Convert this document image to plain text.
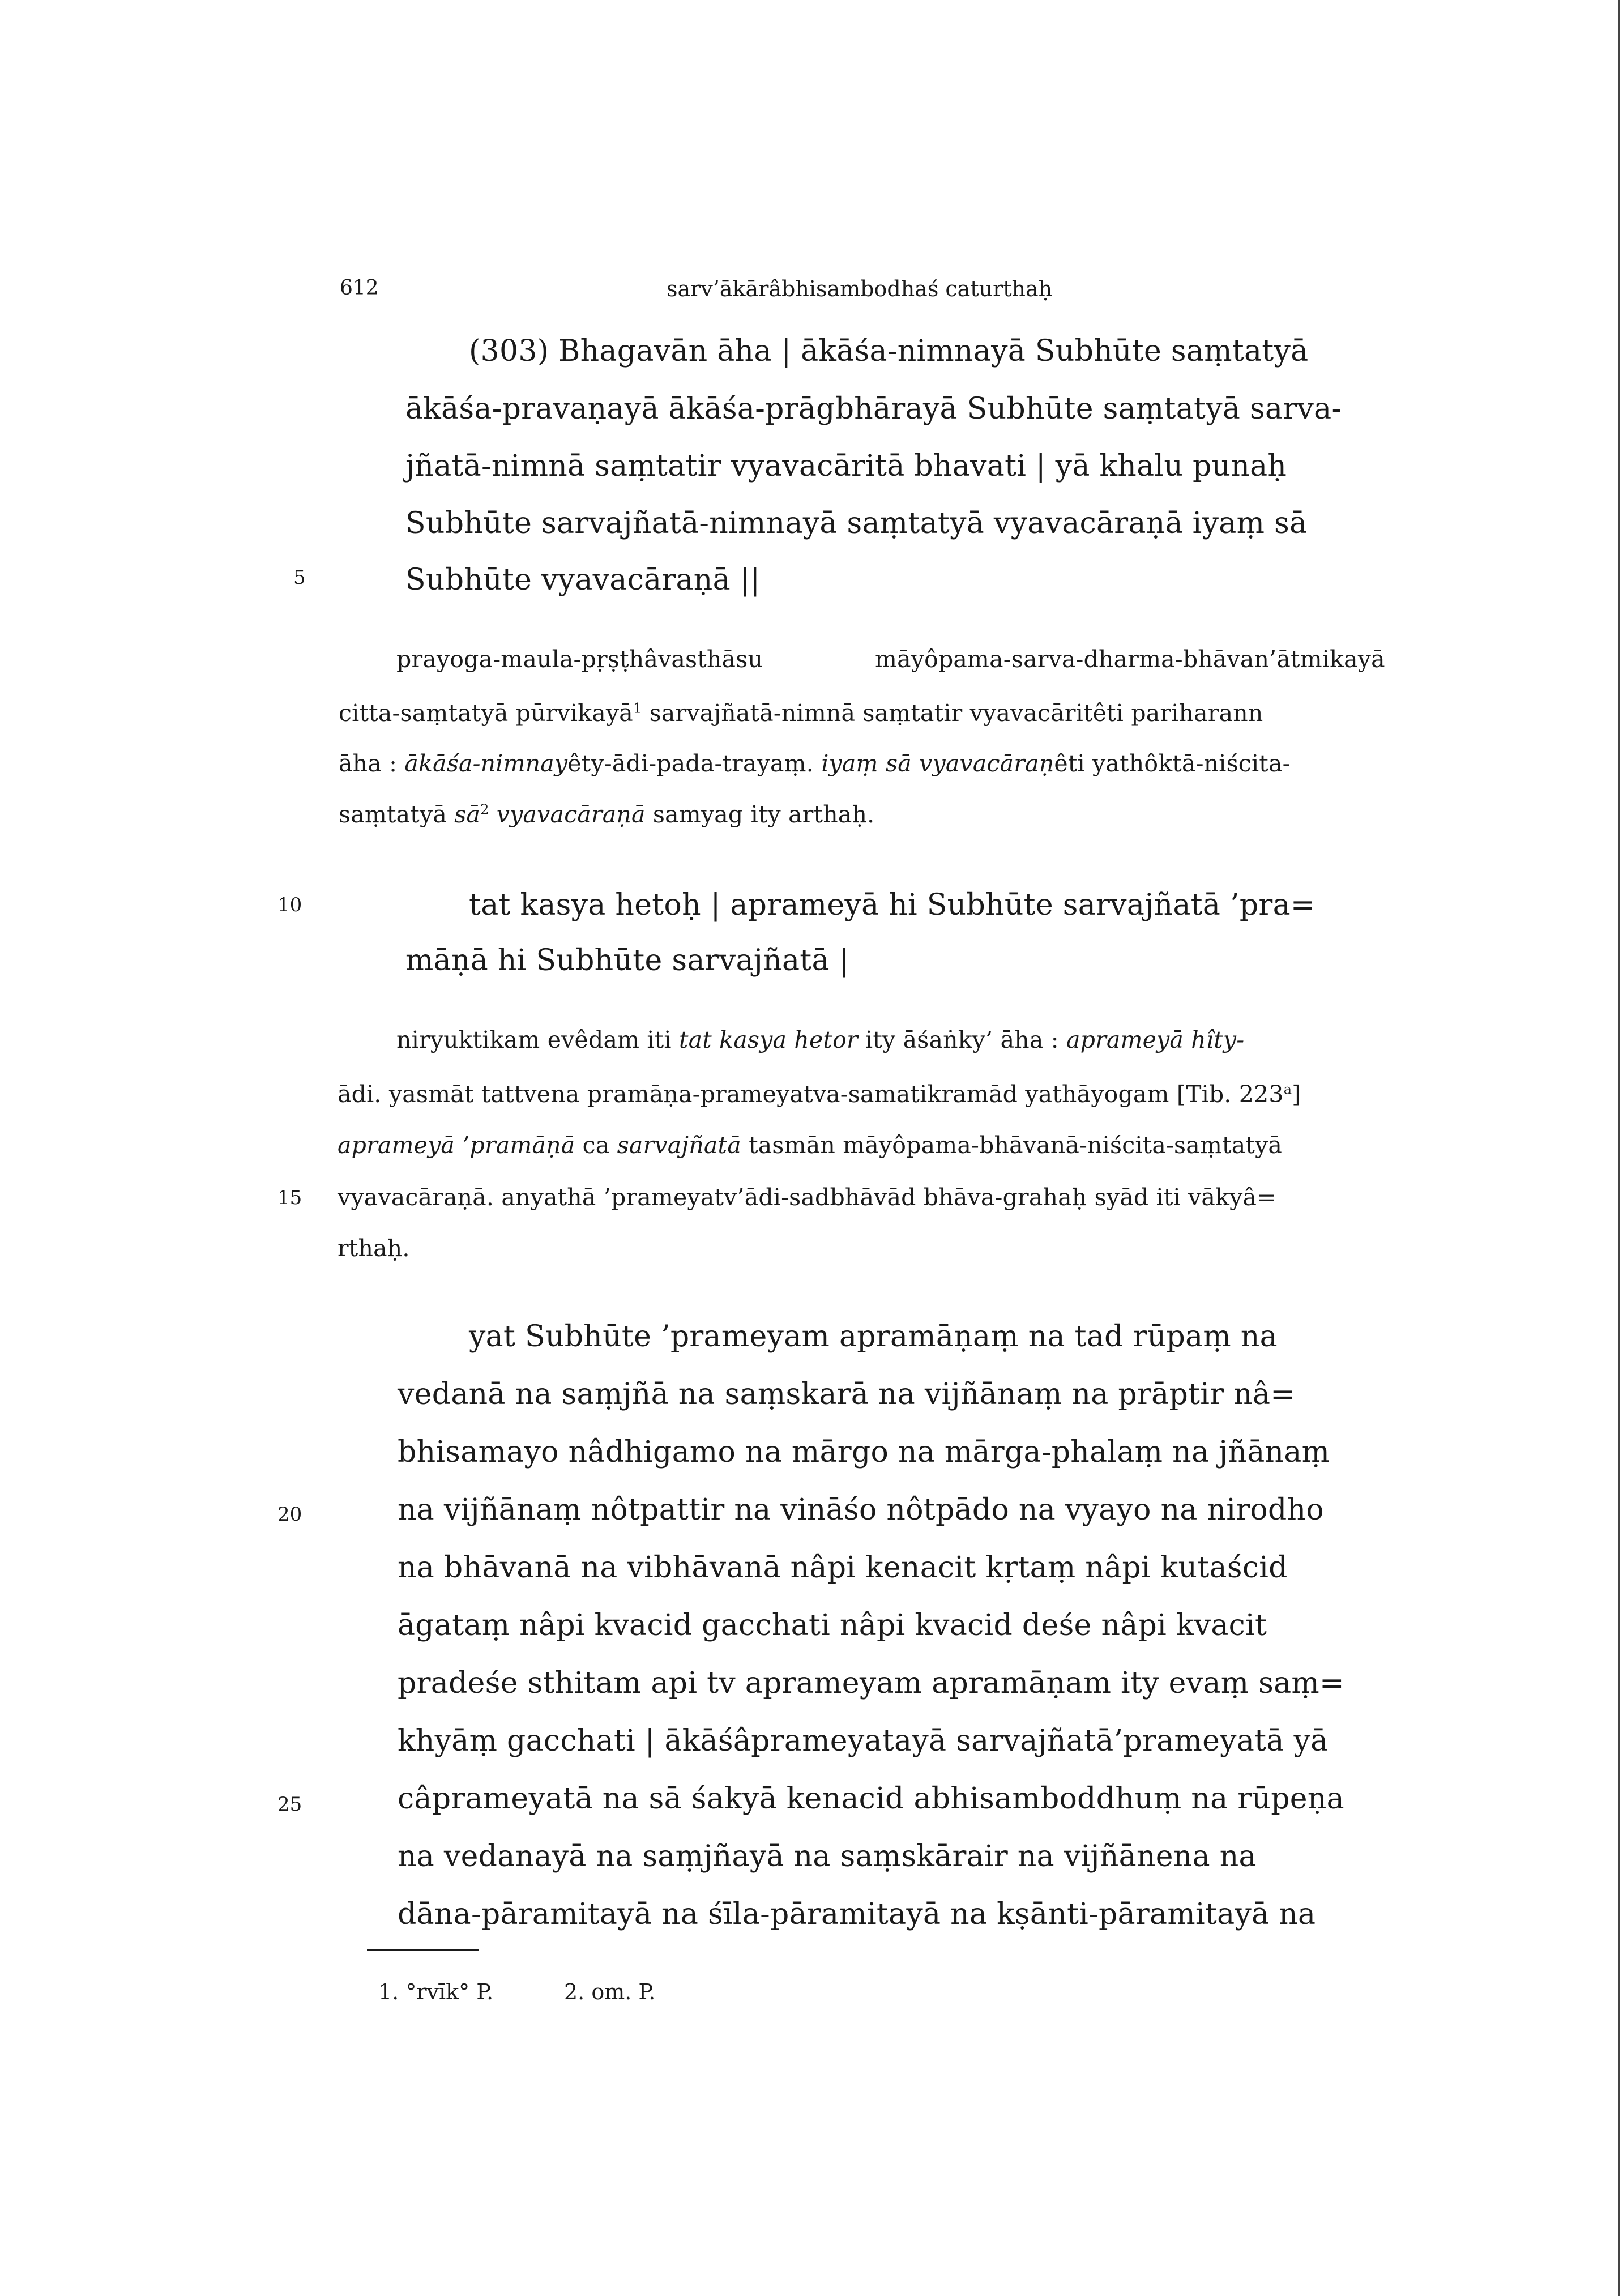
612	sarv’ākārâbhisambodhaś caturthaḥ
5
10
15
20
25
(303) Bhagavān āha | ākāśa-nimnayā Subhūte saṃtatyā
ākāśa-pravaṇayā ākāśa-prāgbhārayā Subhūte saṃtatyā sarva-
jñatā-nimnā saṃtatir vyavacāritā bhavati | yā khalu punaḥ
Subhūte sarvajñatā-nimnayā saṃtatyā vyavacāraṇā iyaṃ sā
Subhūte vyavacāraṇā ||
prayoga-maula-pṛṣṭhâvasthāsu	māyôpama-sarva-dharma-bhāvan’ātmikayā
citta-saṃtatyā pūrvikayā$^1$ sarvajñatā-nimnā saṃtatir vyavacāritêti pariharann
āha : ākāśa-nimnayêty-ādi-pada-trayaṃ. iyaṃ sā vyavacāraṇêti yathôktā-niścita-
saṃtatyā $sā^2$ vyavacāraṇā samyag ity arthaḥ.
tat kasya hetoḥ | aprameyā hi Subhūte sarvajñatā ’pra=
māṇā hi Subhūte sarvajñatā |
niryuktikam evêdam iti tat kasya hetor ity āśaṅky’ āha : aprameyā hîty-
ādi. yasmāt tattvena pramāṇa-prameyatva-samatikramād yathāyogam [Tib. 223$^a$]
aprameyā ’pramāṇā ca sarvajñatā tasmān māyôpama-bhāvanā-niścita-saṃtatyā
vyavacāraṇā. anyathā ’prameyatv’ādi-sadbhāvād bhāva-grahaḥ syād iti vākyâ=
rthaḥ.
yat Subhūte ’prameyam apramāṇaṃ na tad rūpaṃ na
vedanā na saṃjñā na saṃskarā na vijñānaṃ na prāptir nâ=
bhisamayo nâdhigamo na mārgo na mārga-phalaṃ na jñānaṃ
na vijñānaṃ nôtpattir na vināśo nôtpādo na vyayo na nirodho
na bhāvanā na vibhāvanā nâpi kenacit kṛtaṃ nâpi kutaścid
āgataṃ nâpi kvacid gacchati nâpi kvacid deśe nâpi kvacit
pradeśe sthitam api tv aprameyam apramāṇam ity evaṃ saṃ=
khyāṃ gacchati | ākāśâprameyatayā sarvajñatā’prameyatā yā
câprameyatā na sā śakyā kenacid abhisamboddhuṃ na rūpeṇa
na vedanayā na saṃjñayā na saṃskārair na vijñānena na
dāna-pāramitayā na śīla-pāramitayā na kṣānti-pāramitayā na
1. °rvīk° P.	2. om. P.
